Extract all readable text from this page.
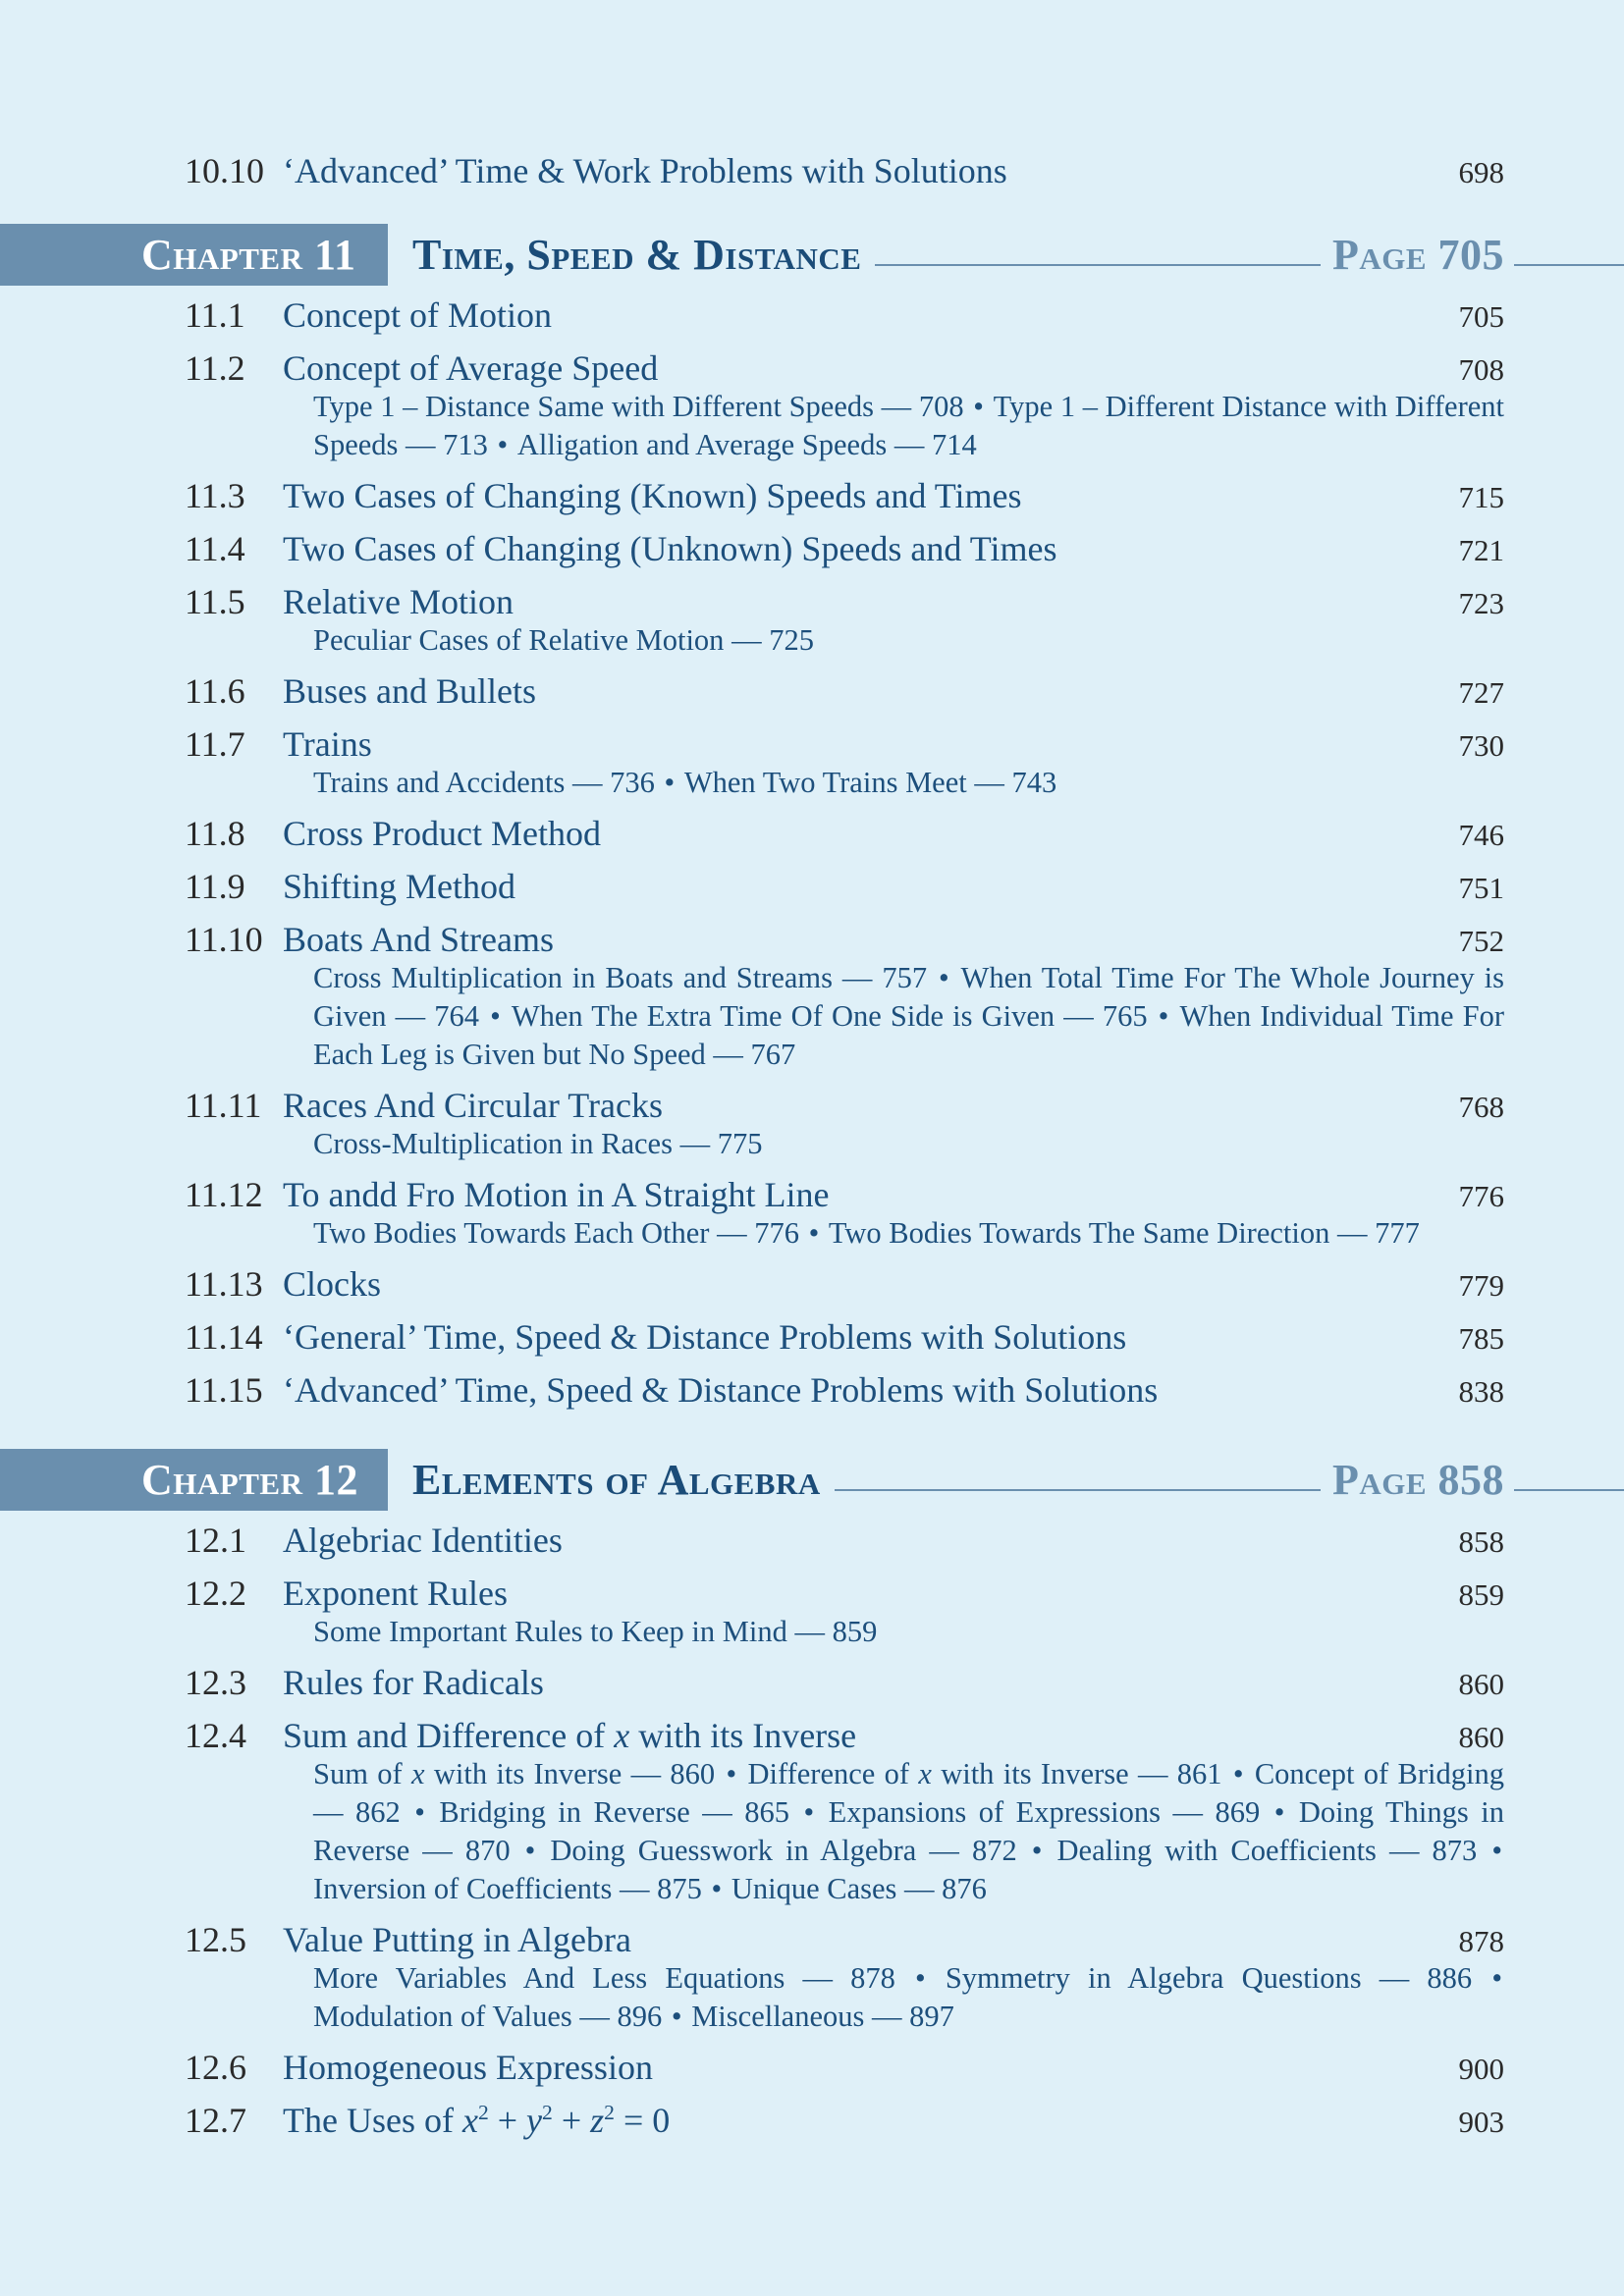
10.10 ‘Advanced’ Time & Work Problems with Solutions	698
Chapter 11	Time, Speed & Distance	Page 705
11.1	Concept of Motion	705
11.2	Concept of Average Speed	708
Type 1 – Distance Same with Different Speeds — 708 • Type 1 – Different Distance with Different Speeds — 713 • Alligation and Average Speeds — 714
11.3	Two Cases of Changing (Known) Speeds and Times	715
11.4	Two Cases of Changing (Unknown) Speeds and Times	721
11.5	Relative Motion	723
Peculiar Cases of Relative Motion — 725
11.6	Buses and Bullets	727
11.7	Trains	730
Trains and Accidents — 736 • When Two Trains Meet — 743
11.8	Cross Product Method	746
11.9	Shifting Method	751
11.10 Boats And Streams	752
Cross Multiplication in Boats and Streams — 757 • When Total Time For The Whole Journey is Given — 764 • When The Extra Time Of One Side is Given — 765 • When Individual Time For Each Leg is Given but No Speed — 767
11.11 Races And Circular Tracks	768
Cross-Multiplication in Races — 775
11.12 To andd Fro Motion in A Straight Line	776
Two Bodies Towards Each Other — 776 • Two Bodies Towards The Same Direction — 777
11.13 Clocks	779
11.14 ‘General’ Time, Speed & Distance Problems with Solutions	785
11.15 ‘Advanced’ Time, Speed & Distance Problems with Solutions	838
Chapter 12	Elements of Algebra	Page 858
12.1	Algebriac Identities	858
12.2	Exponent Rules	859
Some Important Rules to Keep in Mind — 859
12.3	Rules for Radicals	860
12.4	Sum and Difference of x with its Inverse	860
Sum of x with its Inverse — 860 • Difference of x with its Inverse — 861 • Concept of Bridging — 862 • Bridging in Reverse — 865 • Expansions of Expressions — 869 • Doing Things in Reverse — 870 • Doing Guesswork in Algebra — 872 • Dealing with Coefficients — 873 • Inversion of Coefficients — 875 • Unique Cases — 876
12.5	Value Putting in Algebra	878
More Variables And Less Equations — 878 • Symmetry in Algebra Questions — 886 • Modulation of Values — 896 • Miscellaneous — 897
12.6	Homogeneous Expression	900
12.7	The Uses of $x^2 + y^2 + z^2 = 0$	903
